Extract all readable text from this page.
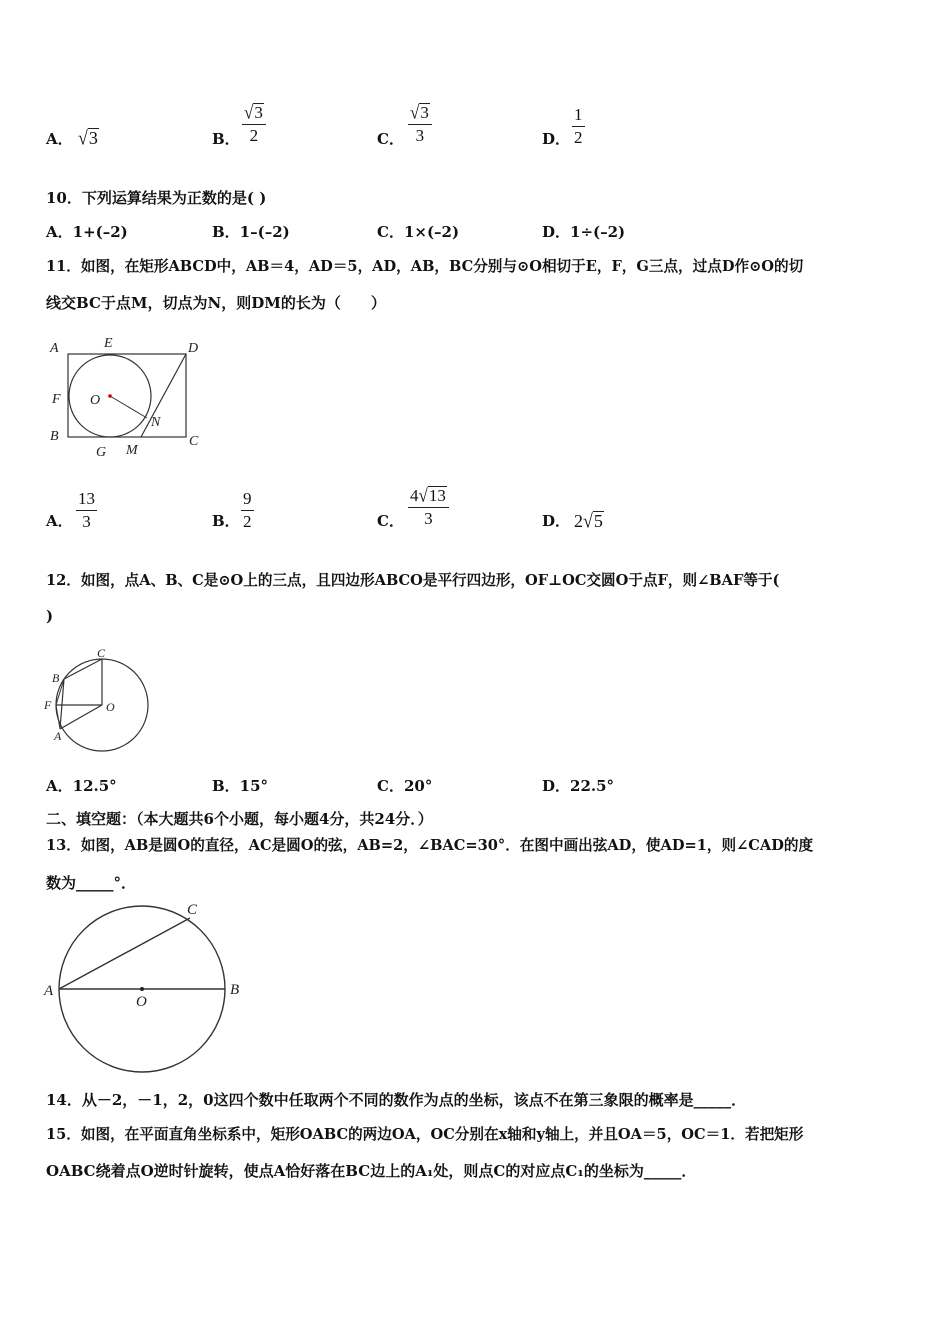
A． √3	B．
√3
2	C．
√3
3	D．
1
2
10．下列运算结果为正数的是( )
A．1+(–2)	B．1–(–2)	C．1×(–2)	D．1÷(–2)
11．如图，在矩形ABCD中，AB＝4，AD＝5，AD，AB，BC分别与⊙O相切于E，F，G三点，过点D作⊙O的切
线交BC于点M，切点为N，则DM的长为（　　）
A	E	D
F O
N
B
G M
C
A．
13
3	B．
9
2	C．
4√13
3	D． 2√5
12．如图，点A、B、C是⊙O上的三点，且四边形ABCO是平行四边形，OF⊥OC交圆O于点F，则∠BAF等于(
)
C
B
F	O
A
A．12.5°	B．15°	C．20°	D．22.5°
二、填空题：（本大题共6个小题，每小题4分，共24分．）
13．如图，AB是圆O的直径，AC是圆O的弦，AB=2，∠BAC=30°．在图中画出弦AD，使AD=1，则∠CAD的度
数为_____°．
A	B
C
O
14．从－2，－1，2，0这四个数中任取两个不同的数作为点的坐标，该点不在第三象限的概率是_____．
15．如图，在平面直角坐标系中，矩形OABC的两边OA，OC分别在x轴和y轴上，并且OA＝5，OC＝1．若把矩形
OABC绕着点O逆时针旋转，使点A恰好落在BC边上的A₁处，则点C的对应点C₁的坐标为_____．
